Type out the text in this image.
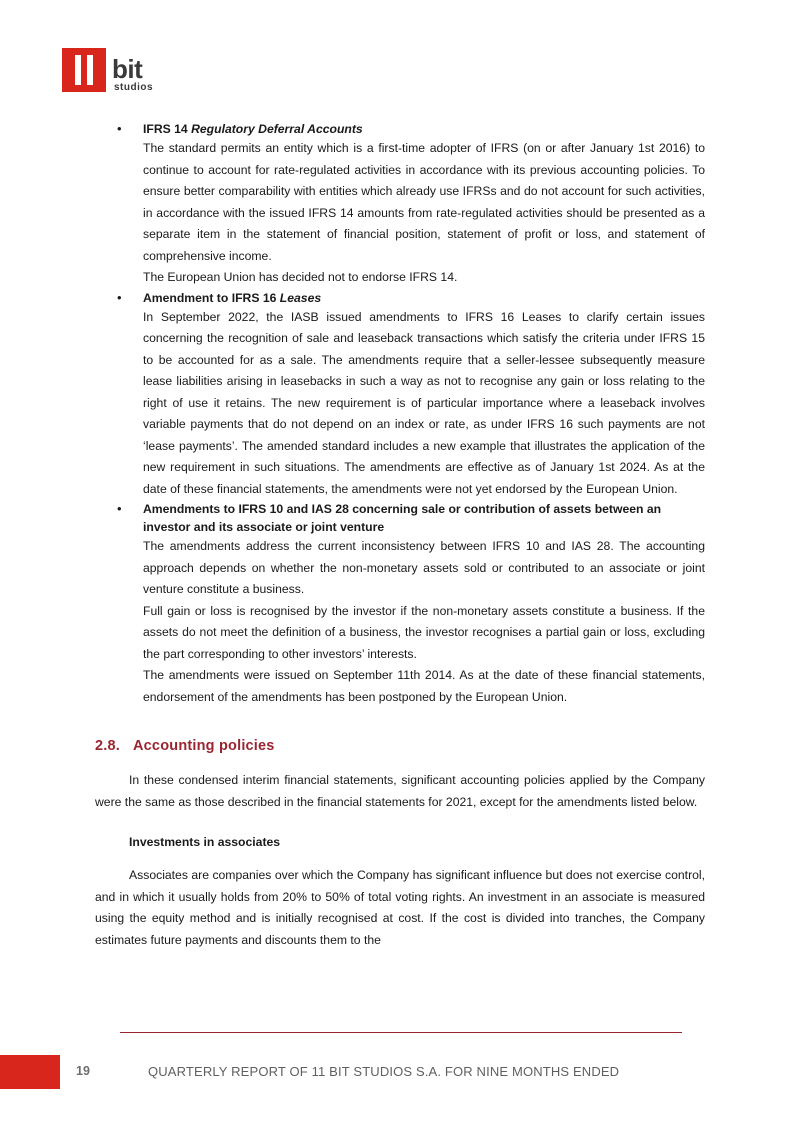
bit
studios

• IFRS 14 Regulatory Deferral Accounts

The standard permits an entity which is a first-time adopter of IFRS (on or after January 1st 2016) to continue to account for rate-regulated activities in accordance with its previous accounting policies. To ensure better comparability with entities which already use IFRSs and do not account for such activities, in accordance with the issued IFRS 14 amounts from rate-regulated activities should be presented as a separate item in the statement of financial position, statement of profit or loss, and statement of comprehensive income.

The European Union has decided not to endorse IFRS 14.

• Amendment to IFRS 16 Leases

In September 2022, the IASB issued amendments to IFRS 16 Leases to clarify certain issues concerning the recognition of sale and leaseback transactions which satisfy the criteria under IFRS 15 to be accounted for as a sale. The amendments require that a seller-lessee subsequently measure lease liabilities arising in leasebacks in such a way as not to recognise any gain or loss relating to the right of use it retains. The new requirement is of particular importance where a leaseback involves variable payments that do not depend on an index or rate, as under IFRS 16 such payments are not ‘lease payments’. The amended standard includes a new example that illustrates the application of the new requirement in such situations. The amendments are effective as of January 1st 2024. As at the date of these financial statements, the amendments were not yet endorsed by the European Union.

• Amendments to IFRS 10 and IAS 28 concerning sale or contribution of assets between an investor and its associate or joint venture

The amendments address the current inconsistency between IFRS 10 and IAS 28. The accounting approach depends on whether the non-monetary assets sold or contributed to an associate or joint venture constitute a business.

Full gain or loss is recognised by the investor if the non-monetary assets constitute a business. If the assets do not meet the definition of a business, the investor recognises a partial gain or loss, excluding the part corresponding to other investors’ interests.

The amendments were issued on September 11th 2014. As at the date of these financial statements, endorsement of the amendments has been postponed by the European Union.

2.8. Accounting policies

In these condensed interim financial statements, significant accounting policies applied by the Company were the same as those described in the financial statements for 2021, except for the amendments listed below.

Investments in associates

Associates are companies over which the Company has significant influence but does not exercise control, and in which it usually holds from 20% to 50% of total voting rights. An investment in an associate is measured using the equity method and is initially recognised at cost. If the cost is divided into tranches, the Company estimates future payments and discounts them to the

19	QUARTERLY REPORT OF 11 BIT STUDIOS S.A. FOR NINE MONTHS ENDED
